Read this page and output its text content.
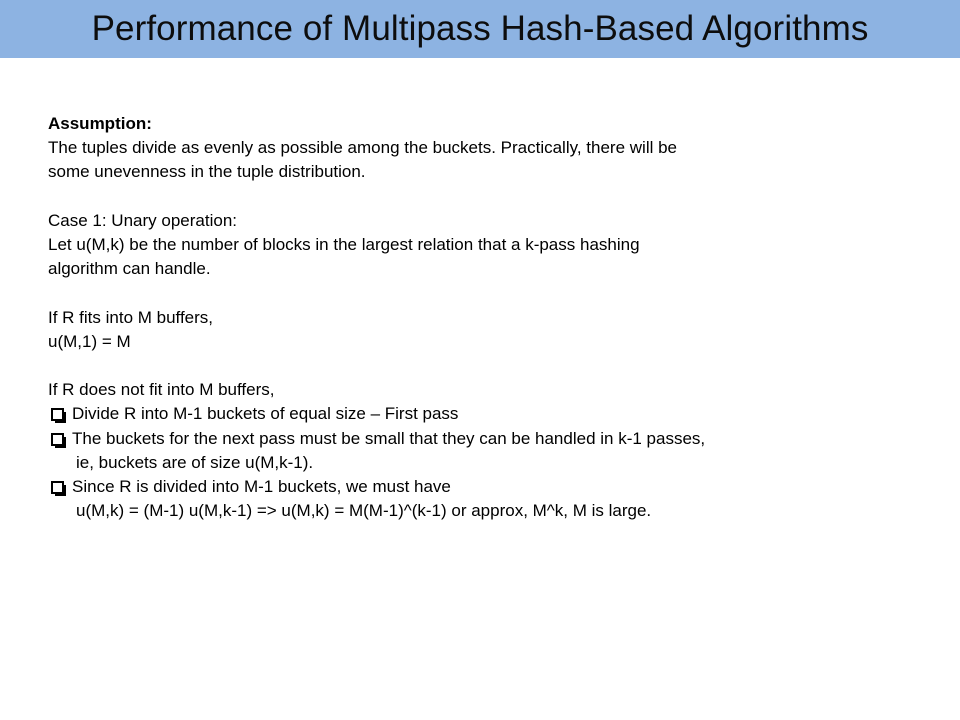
Performance of Multipass Hash-Based Algorithms
Assumption:
The tuples divide as evenly as possible among the buckets. Practically, there will be
some unevenness in the tuple distribution.
Case 1: Unary operation:
Let u(M,k) be the number of blocks in the largest relation that a k-pass hashing
algorithm can handle.
If R fits into M buffers,
u(M,1) = M
If R does not fit into M buffers,
Divide R into M-1 buckets of equal size – First pass
The buckets for the next pass must be small that they can be handled in k-1 passes,
ie, buckets are of size u(M,k-1).
Since R is divided into M-1 buckets, we must have
u(M,k) = (M-1) u(M,k-1) => u(M,k) = M(M-1)^(k-1) or approx, M^k, M is large.
